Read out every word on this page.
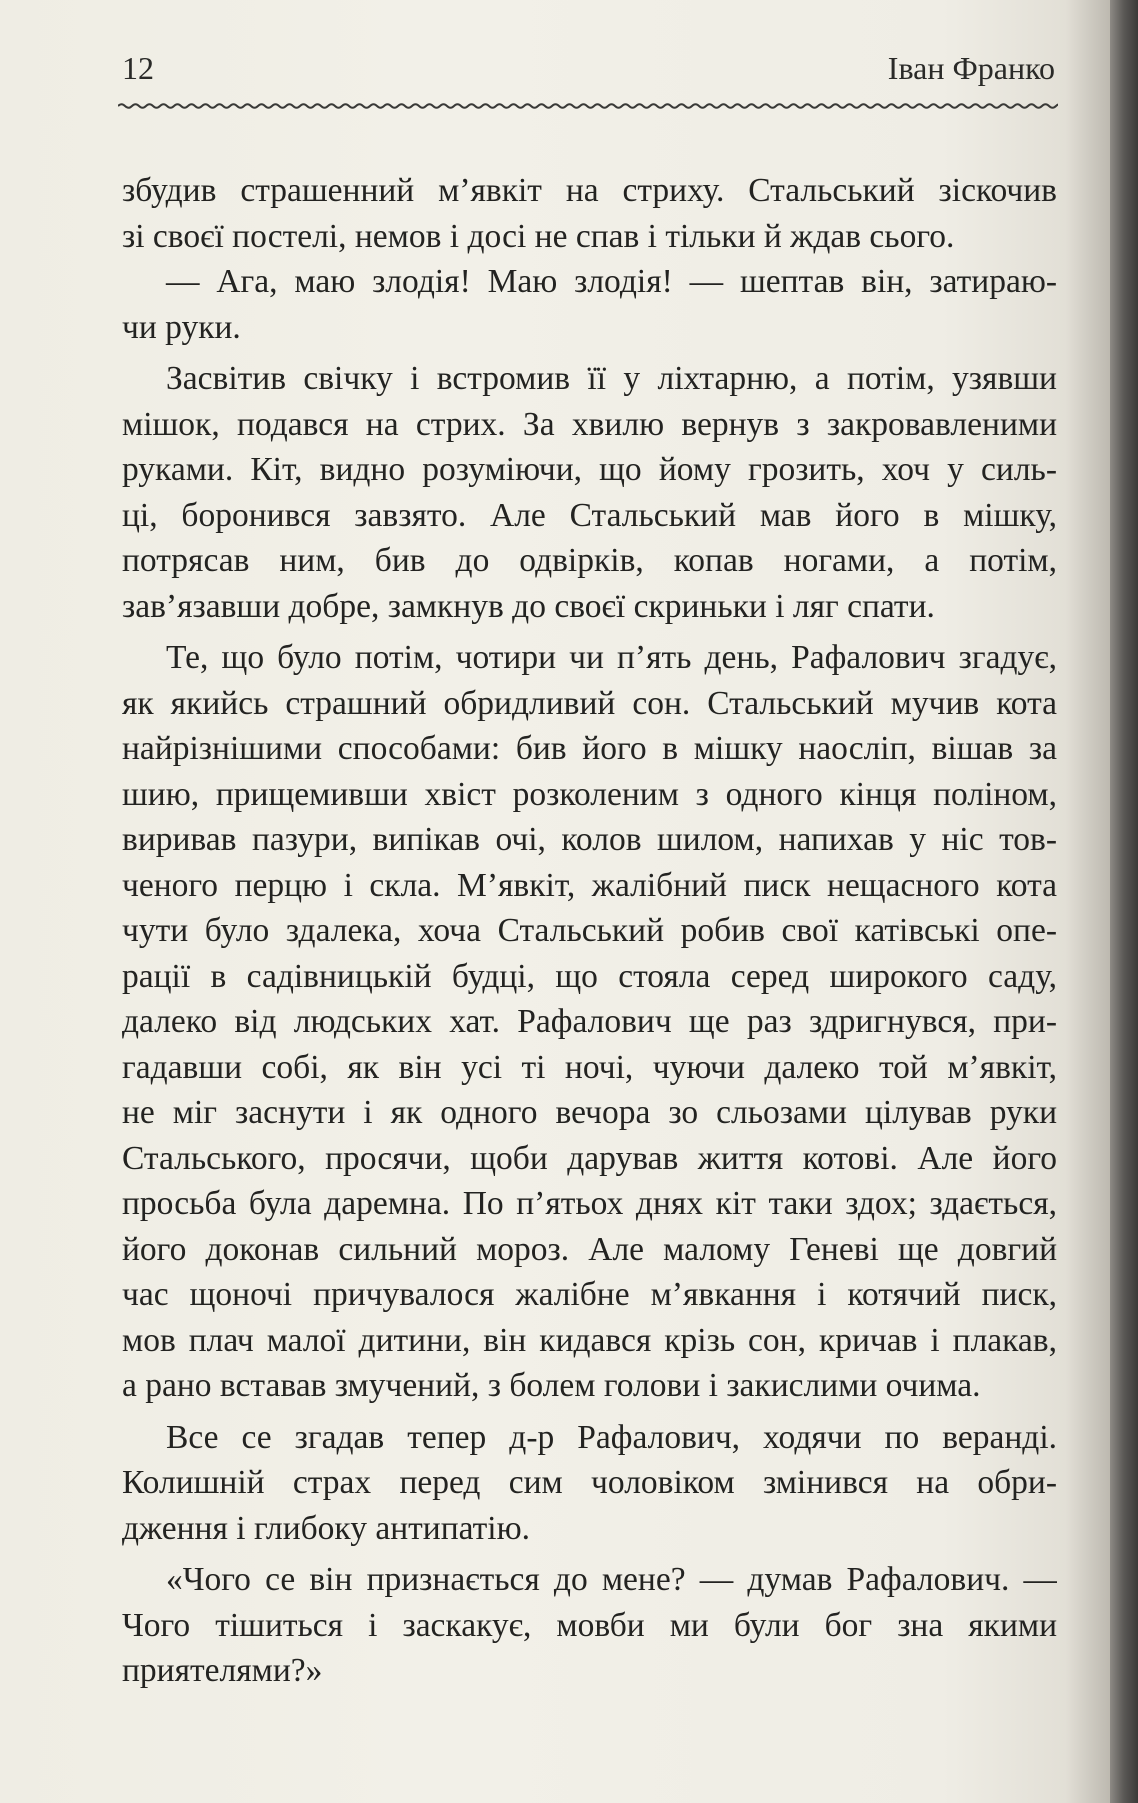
12	Іван Франко
збудив страшенний м’явкіт на стриху. Стальський зіскочив
зі своєї постелі, немов і досі не спав і тільки й ждав сього.
— Ага, маю злодія! Маю злодія! — шептав він, затираю-
чи руки.
Засвітив свічку і встромив її у ліхтарню, а потім, узявши
мішок, подався на стрих. За хвилю вернув з закровавленими
руками. Кіт, видно розуміючи, що йому грозить, хоч у силь-
ці, боронився завзято. Але Стальський мав його в мішку,
потрясав ним, бив до одвірків, копав ногами, а потім,
зав’язавши добре, замкнув до своєї скриньки і ляг спати.
Те, що було потім, чотири чи п’ять день, Рафалович згадує,
як якийсь страшний обридливий сон. Стальський мучив кота
найрізнішими способами: бив його в мішку наосліп, вішав за
шию, прищемивши хвіст розколеним з одного кінця поліном,
виривав пазури, випікав очі, колов шилом, напихав у ніс тов-
ченого перцю і скла. М’явкіт, жалібний писк нещасного кота
чути було здалека, хоча Стальський робив свої катівські опе-
рації в садівницькій будці, що стояла серед широкого саду,
далеко від людських хат. Рафалович ще раз здригнувся, при-
гадавши собі, як він усі ті ночі, чуючи далеко той м’явкіт,
не міг заснути і як одного вечора зо сльозами цілував руки
Стальського, просячи, щоби дарував життя котові. Але його
просьба була даремна. По п’ятьох днях кіт таки здох; здається,
його доконав сильний мороз. Але малому Геневі ще довгий
час щоночі причувалося жалібне м’явкання і котячий писк,
мов плач малої дитини, він кидався крізь сон, кричав і плакав,
а рано вставав змучений, з болем голови і закислими очима.
Все се згадав тепер д-р Рафалович, ходячи по веранді.
Колишній страх перед сим чоловіком змінився на обри-
дження і глибоку антипатію.
«Чого се він признається до мене? — думав Рафалович. —
Чого тішиться і заскакує, мовби ми були бог зна якими
приятелями?»
